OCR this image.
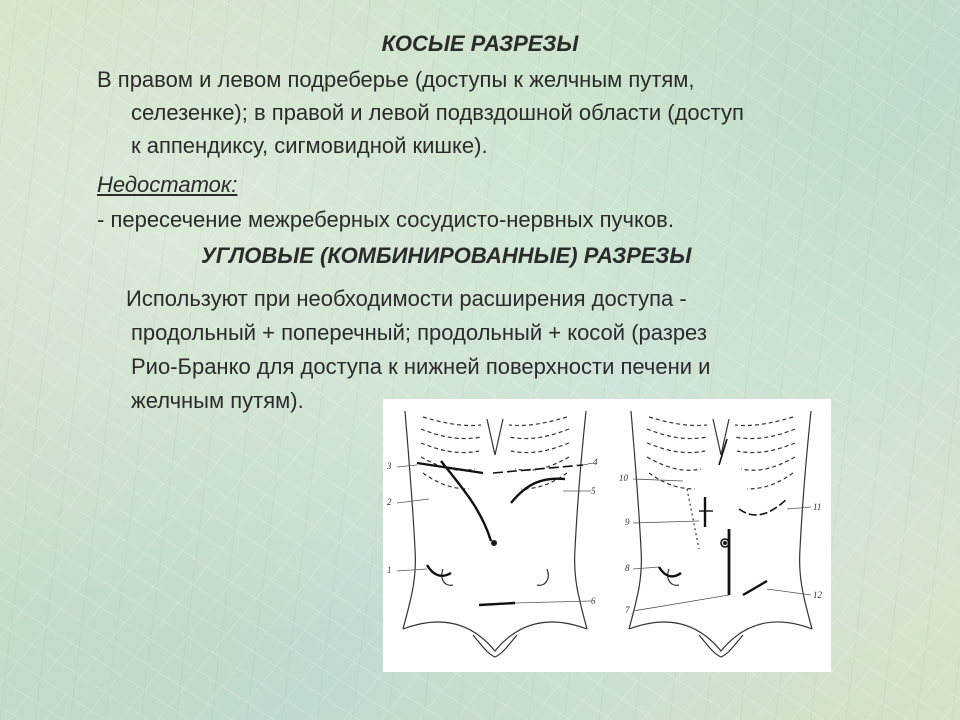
КОСЫЕ РАЗРЕЗЫ

В правом и левом подреберье (доступы к желчным путям,

селезенке); в правой и левой подвздошной области (доступ

к аппендиксу, сигмовидной кишке).

Недостаток:

- пересечение межреберных сосудисто-нервных пучков.

УГЛОВЫЕ (КОМБИНИРОВАННЫЕ) РАЗРЕЗЫ

Используют при необходимости расширения доступа -

продольный + поперечный; продольный + косой (разрез

Рио-Бранко для доступа к нижней поверхности печени и

желчным путям).

3
2
1
4
5
6
10
9
8
7
11
12
